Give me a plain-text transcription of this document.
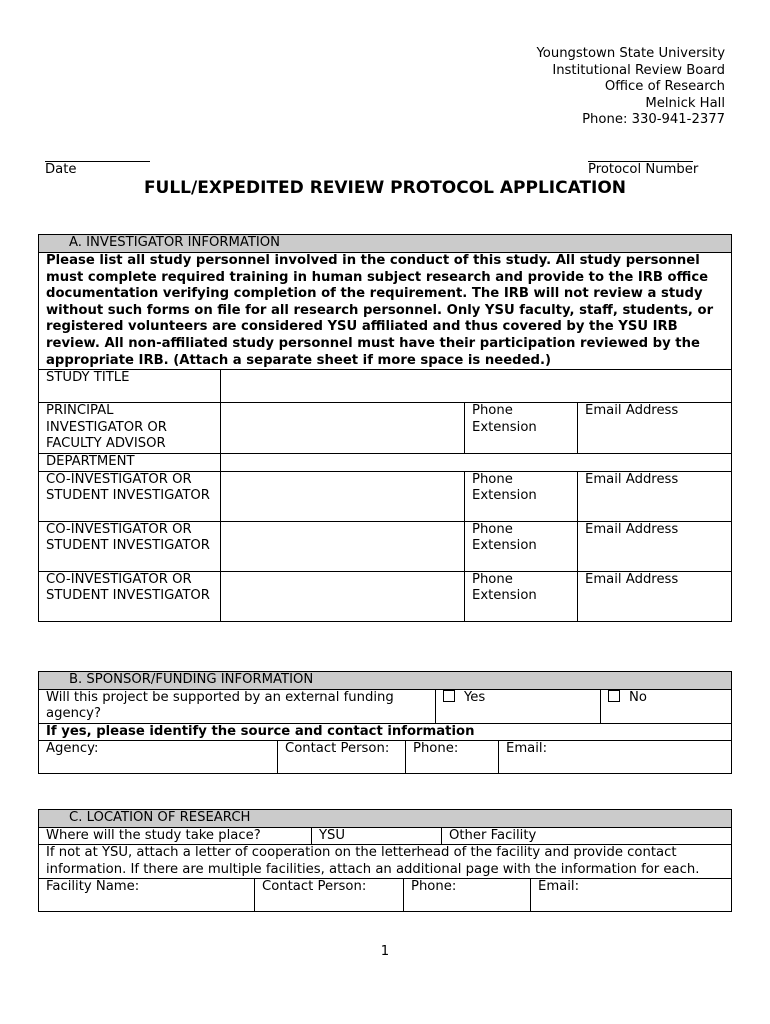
Youngstown State University
Institutional Review Board
Office of Research
Melnick Hall
Phone: 330-941-2377
Date	Protocol Number
FULL/EXPEDITED REVIEW PROTOCOL APPLICATION
A. INVESTIGATOR INFORMATION			
Please list all study personnel involved in the conduct of this study. All study personnel must complete required training in human subject research and provide to the IRB office documentation verifying completion of the requirement. The IRB will not review a study without such forms on file for all research personnel. Only YSU faculty, staff, students, or registered volunteers are considered YSU affiliated and thus covered by the YSU IRB review. All non-affiliated study personnel must have their participation reviewed by the appropriate IRB. (Attach a separate sheet if more space is needed.)			
STUDY TITLE			
PRINCIPAL INVESTIGATOR OR FACULTY ADVISOR		Phone Extension	Email Address
DEPARTMENT			
CO-INVESTIGATOR OR STUDENT INVESTIGATOR		Phone Extension	Email Address
CO-INVESTIGATOR OR STUDENT INVESTIGATOR		Phone Extension	Email Address
CO-INVESTIGATOR OR STUDENT INVESTIGATOR		Phone Extension	Email Address
B. SPONSOR/FUNDING INFORMATION					
Will this project be supported by an external funding agency?			Yes		No
If yes, please identify the source and contact information					
Agency:	Contact Person:	Phone:		Email:	
C. LOCATION OF RESEARCH					
Where will the study take place?		YSU		Other Facility	
If not at YSU, attach a letter of cooperation on the letterhead of the facility and provide contact information. If there are multiple facilities, attach an additional page with the information for each.					
Facility Name:	Contact Person:		Phone:		Email:
1
